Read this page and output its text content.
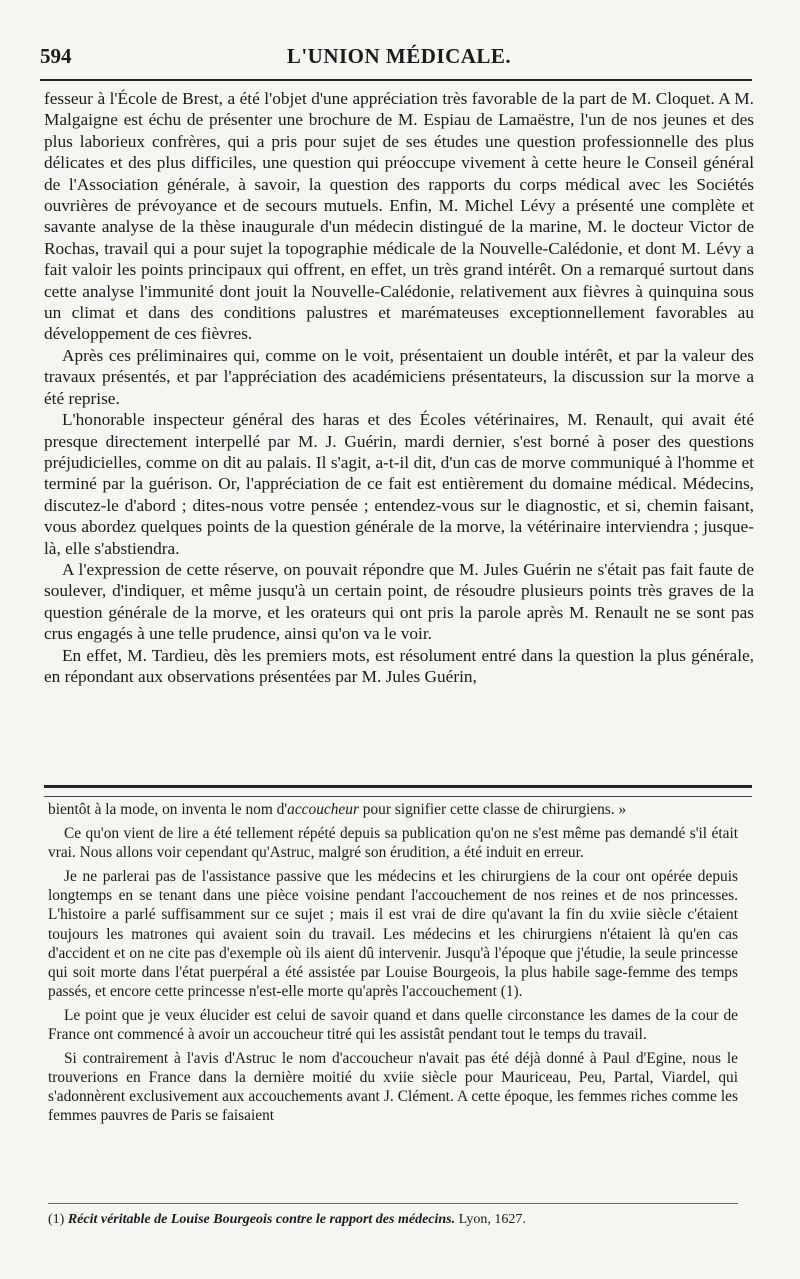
594	L'UNION MÉDICALE.

fesseur à l'École de Brest, a été l'objet d'une appréciation très favorable de la part de M. Cloquet. A M. Malgaigne est échu de présenter une brochure de M. Espiau de Lamaëstre, l'un de nos jeunes et des plus laborieux confrères, qui a pris pour sujet de ses études une question professionnelle des plus délicates et des plus difficiles, une question qui préoccupe vivement à cette heure le Conseil général de l'Association générale, à savoir, la question des rapports du corps médical avec les Sociétés ouvrières de prévoyance et de secours mutuels. Enfin, M. Michel Lévy a présenté une complète et savante analyse de la thèse inaugurale d'un médecin distingué de la marine, M. le docteur Victor de Rochas, travail qui a pour sujet la topographie médicale de la Nouvelle-Calédonie, et dont M. Lévy a fait valoir les points principaux qui offrent, en effet, un très grand intérêt. On a remarqué surtout dans cette analyse l'immunité dont jouit la Nouvelle-Calédonie, relativement aux fièvres à quinquina sous un climat et dans des conditions palustres et marémateuses exceptionnellement favorables au développement de ces fièvres.

Après ces préliminaires qui, comme on le voit, présentaient un double intérêt, et par la valeur des travaux présentés, et par l'appréciation des académiciens présentateurs, la discussion sur la morve a été reprise.

L'honorable inspecteur général des haras et des Écoles vétérinaires, M. Renault, qui avait été presque directement interpellé par M. J. Guérin, mardi dernier, s'est borné à poser des questions préjudicielles, comme on dit au palais. Il s'agit, a-t-il dit, d'un cas de morve communiqué à l'homme et terminé par la guérison. Or, l'appréciation de ce fait est entièrement du domaine médical. Médecins, discutez-le d'abord ; dites-nous votre pensée ; entendez-vous sur le diagnostic, et si, chemin faisant, vous abordez quelques points de la question générale de la morve, la vétérinaire interviendra ; jusque-là, elle s'abstiendra.

A l'expression de cette réserve, on pouvait répondre que M. Jules Guérin ne s'était pas fait faute de soulever, d'indiquer, et même jusqu'à un certain point, de résoudre plusieurs points très graves de la question générale de la morve, et les orateurs qui ont pris la parole après M. Renault ne se sont pas crus engagés à une telle prudence, ainsi qu'on va le voir.

En effet, M. Tardieu, dès les premiers mots, est résolument entré dans la question la plus générale, en répondant aux observations présentées par M. Jules Guérin,

bientôt à la mode, on inventa le nom d'accoucheur pour signifier cette classe de chirurgiens. »

Ce qu'on vient de lire a été tellement répété depuis sa publication qu'on ne s'est même pas demandé s'il était vrai. Nous allons voir cependant qu'Astruc, malgré son érudition, a été induit en erreur.

Je ne parlerai pas de l'assistance passive que les médecins et les chirurgiens de la cour ont opérée depuis longtemps en se tenant dans une pièce voisine pendant l'accouchement de nos reines et de nos princesses. L'histoire a parlé suffisamment sur ce sujet ; mais il est vrai de dire qu'avant la fin du xviie siècle c'étaient toujours les matrones qui avaient soin du travail. Les médecins et les chirurgiens n'étaient là qu'en cas d'accident et on ne cite pas d'exemple où ils aient dû intervenir. Jusqu'à l'époque que j'étudie, la seule princesse qui soit morte dans l'état puerpéral a été assistée par Louise Bourgeois, la plus habile sage-femme des temps passés, et encore cette princesse n'est-elle morte qu'après l'accouchement (1).

Le point que je veux élucider est celui de savoir quand et dans quelle circonstance les dames de la cour de France ont commencé à avoir un accoucheur titré qui les assistât pendant tout le temps du travail.

Si contrairement à l'avis d'Astruc le nom d'accoucheur n'avait pas été déjà donné à Paul d'Egine, nous le trouverions en France dans la dernière moitié du xviie siècle pour Mauriceau, Peu, Partal, Viardel, qui s'adonnèrent exclusivement aux accouchements avant J. Clément. A cette époque, les femmes riches comme les femmes pauvres de Paris se faisaient

(1) Récit véritable de Louise Bourgeois contre le rapport des médecins. Lyon, 1627.
